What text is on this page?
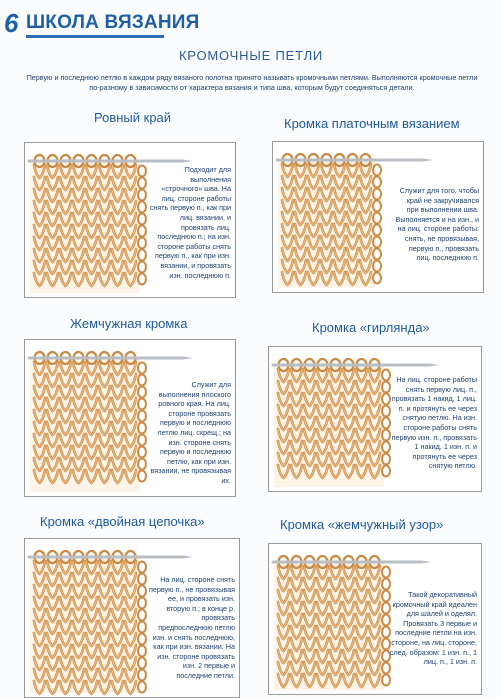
6 ШКОЛА ВЯЗАНИЯ
КРОМОЧНЫЕ ПЕТЛИ
Первую и последнюю петлю в каждом ряду вязаного полотна принято называть кромочными петлями. Выполняются кромочные петли по-разному в зависимости от характера вязания и типа шва, которым будут соединяться детали.
Ровный край
Подходит для выполнения «строчного» шва. На лиц. стороне работы снять первую п., как при лиц. вязании, и провязать лиц. последнюю п.; на изн. стороне работы снять первую п., как при изн. вязании, и провязать изн. последнюю п.
Кромка платочным вязанием
Служит для того, чтобы край не закручивался при выполнении шва. Выполняется и на изн., и на лиц. стороне работы: снять, не провязывая, первую п., провязать лиц. последнюю п.
Жемчужная кромка
Служит для выполнения плоского ровного края. На лиц. стороне провязать первую и последнюю петлю лиц. скрещ.; на изн. стороне снять первую и последнюю петлю, как при изн. вязании, не провязывая их.
Кромка «гирлянда»
На лиц. стороне работы снять первую лиц. п., провязать 1 накид, 1 лиц. п. и протянуть ее через снятую петлю. На изн. стороне работы снять первую изн. п., провязать 1 накид, 1 изн. п. и протянуть ее через снятую петлю.
Кромка «двойная цепочка»
На лиц. стороне снять первую п., не провязывая ее, и провязать изн. вторую п.; в конце р. провязать предпоследнюю петлю изн. и снять последнюю, как при изн. вязании. На изн. стороне провязать изн. 2 первые и последние петли.
Кромка «жемчужный узор»
Такой декоративный кромочный край идеален для шалей и оделял. Провязать 3 первые и последние петли на изн. стороне, на лиц. стороне, след. образом: 1 изн. п., 1 лиц. п., 1 изн. п.
